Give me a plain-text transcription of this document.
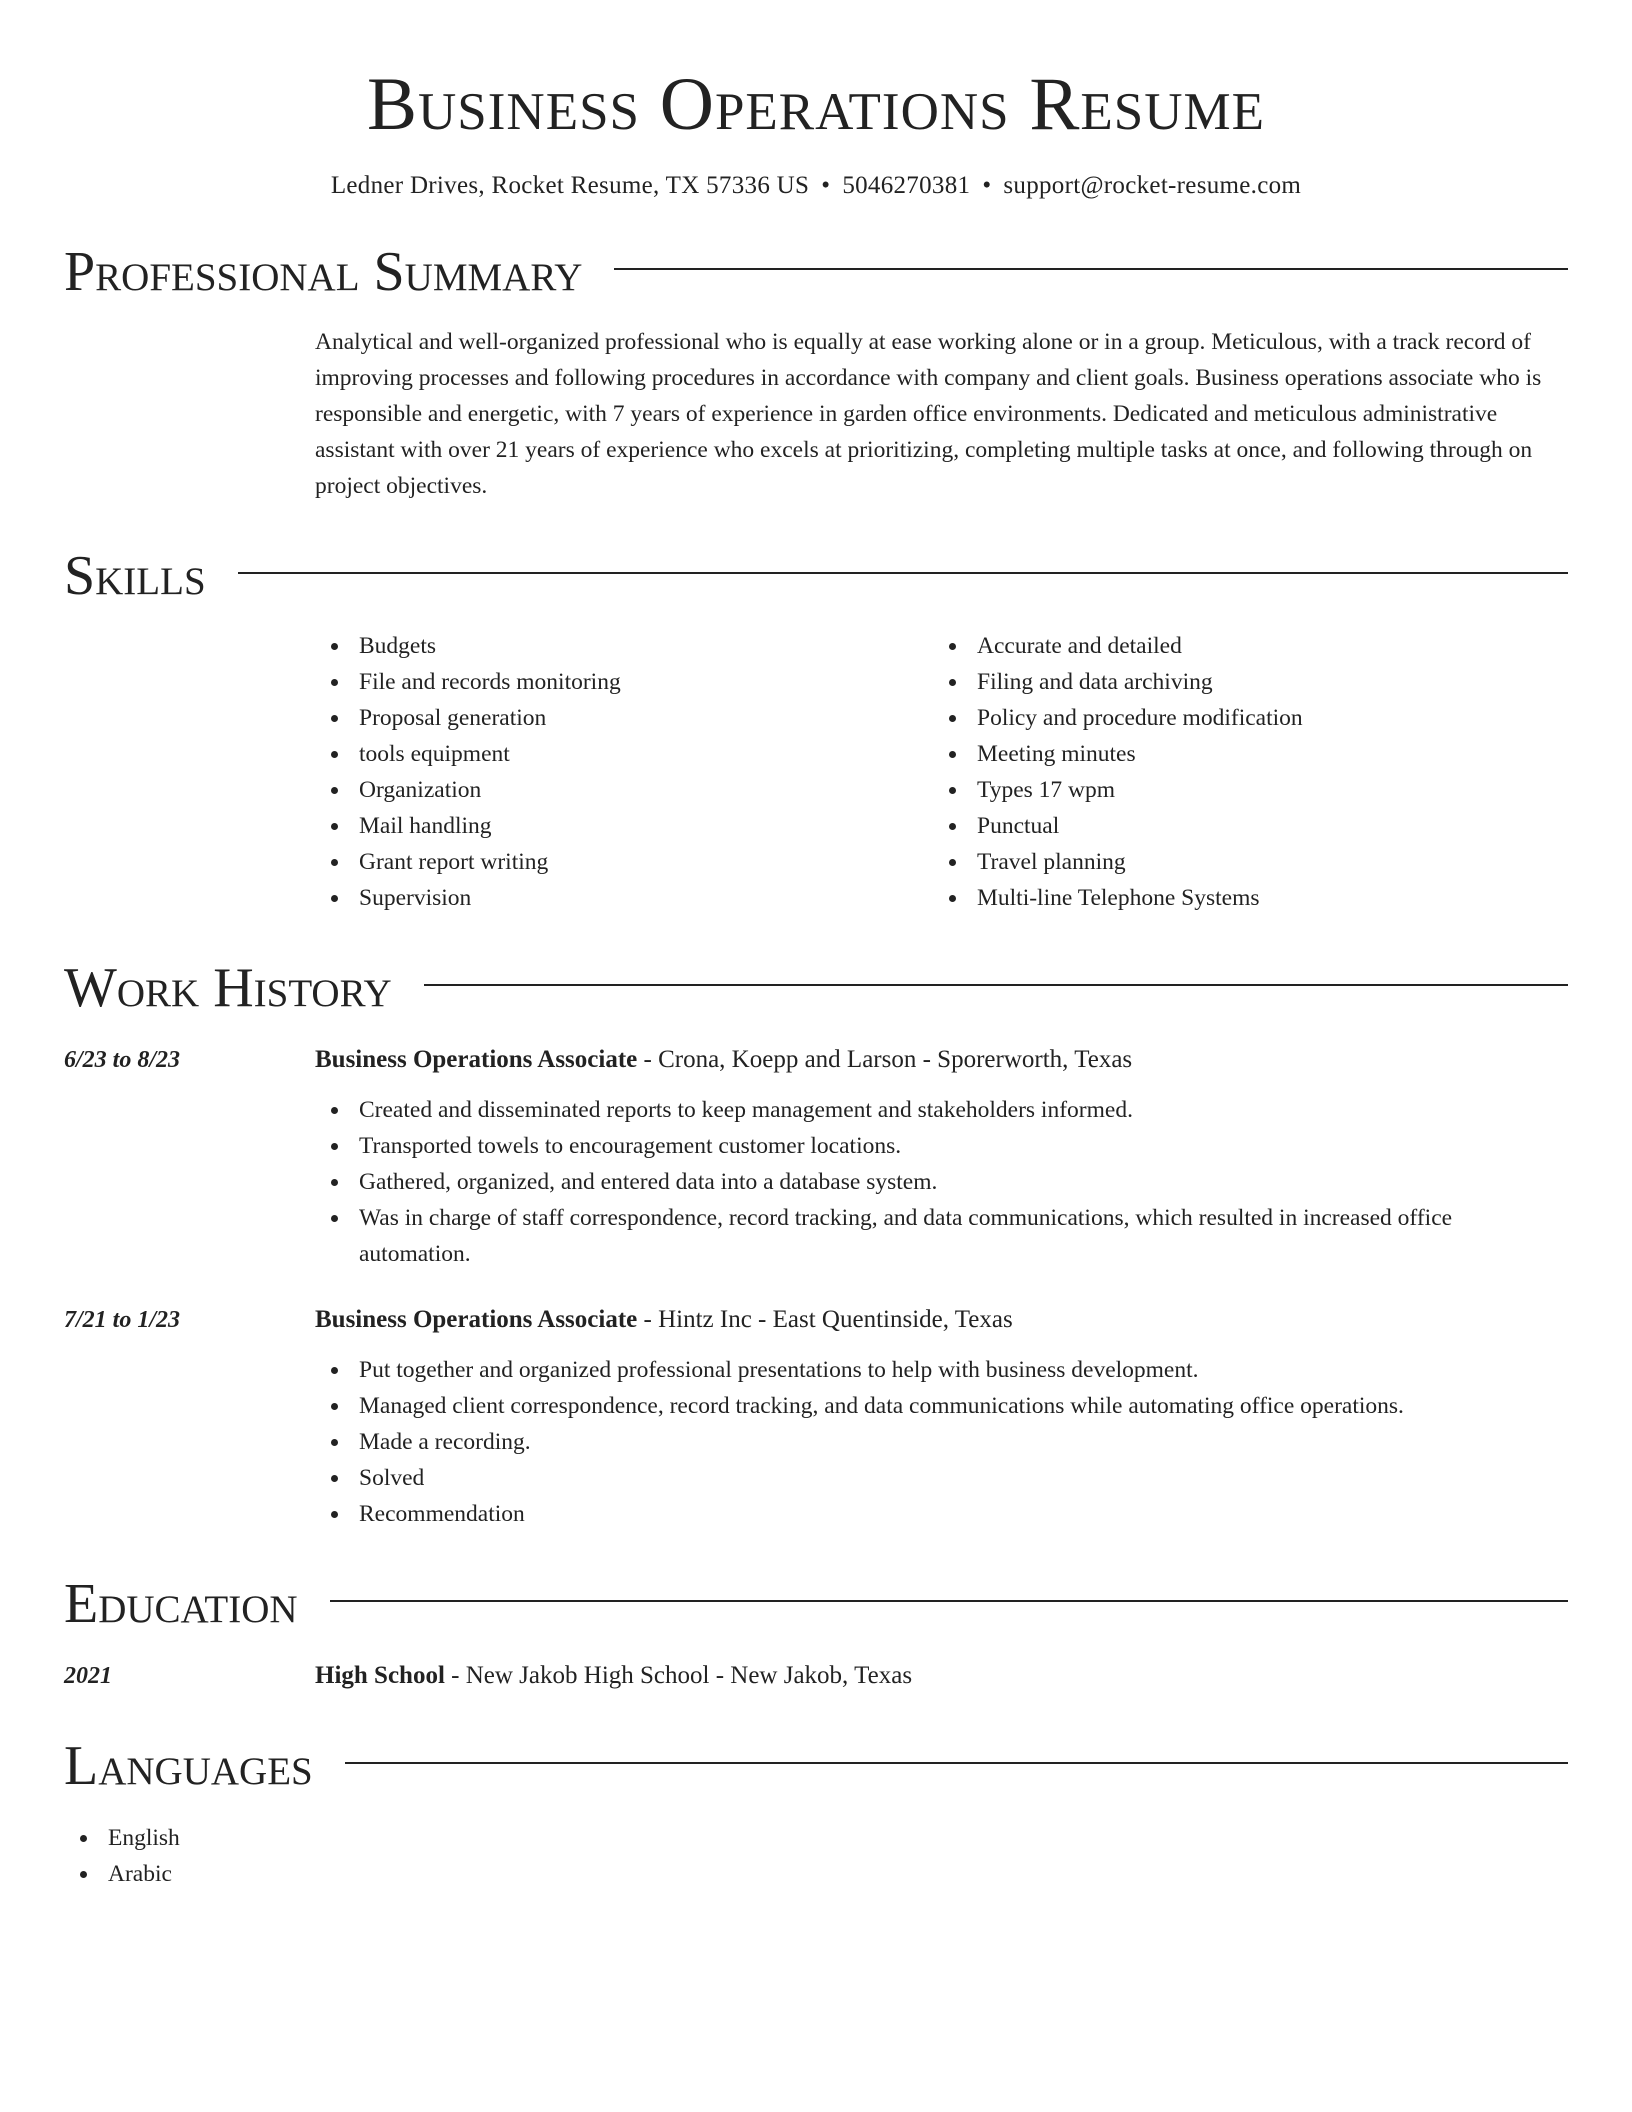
Business Operations Resume
Ledner Drives, Rocket Resume, TX 57336 US • 5046270381 • support@rocket-resume.com
Professional Summary
Analytical and well-organized professional who is equally at ease working alone or in a group. Meticulous, with a track record of improving processes and following procedures in accordance with company and client goals. Business operations associate who is responsible and energetic, with 7 years of experience in garden office environments. Dedicated and meticulous administrative assistant with over 21 years of experience who excels at prioritizing, completing multiple tasks at once, and following through on project objectives.
Skills
Budgets
File and records monitoring
Proposal generation
tools equipment
Organization
Mail handling
Grant report writing
Supervision
Accurate and detailed
Filing and data archiving
Policy and procedure modification
Meeting minutes
Types 17 wpm
Punctual
Travel planning
Multi-line Telephone Systems
Work History
6/23 to 8/23	Business Operations Associate - Crona, Koepp and Larson - Sporerworth, Texas
Created and disseminated reports to keep management and stakeholders informed.
Transported towels to encouragement customer locations.
Gathered, organized, and entered data into a database system.
Was in charge of staff correspondence, record tracking, and data communications, which resulted in increased office automation.
7/21 to 1/23	Business Operations Associate - Hintz Inc - East Quentinside, Texas
Put together and organized professional presentations to help with business development.
Managed client correspondence, record tracking, and data communications while automating office operations.
Made a recording.
Solved
Recommendation
Education
2021	High School - New Jakob High School - New Jakob, Texas
Languages
English
Arabic
